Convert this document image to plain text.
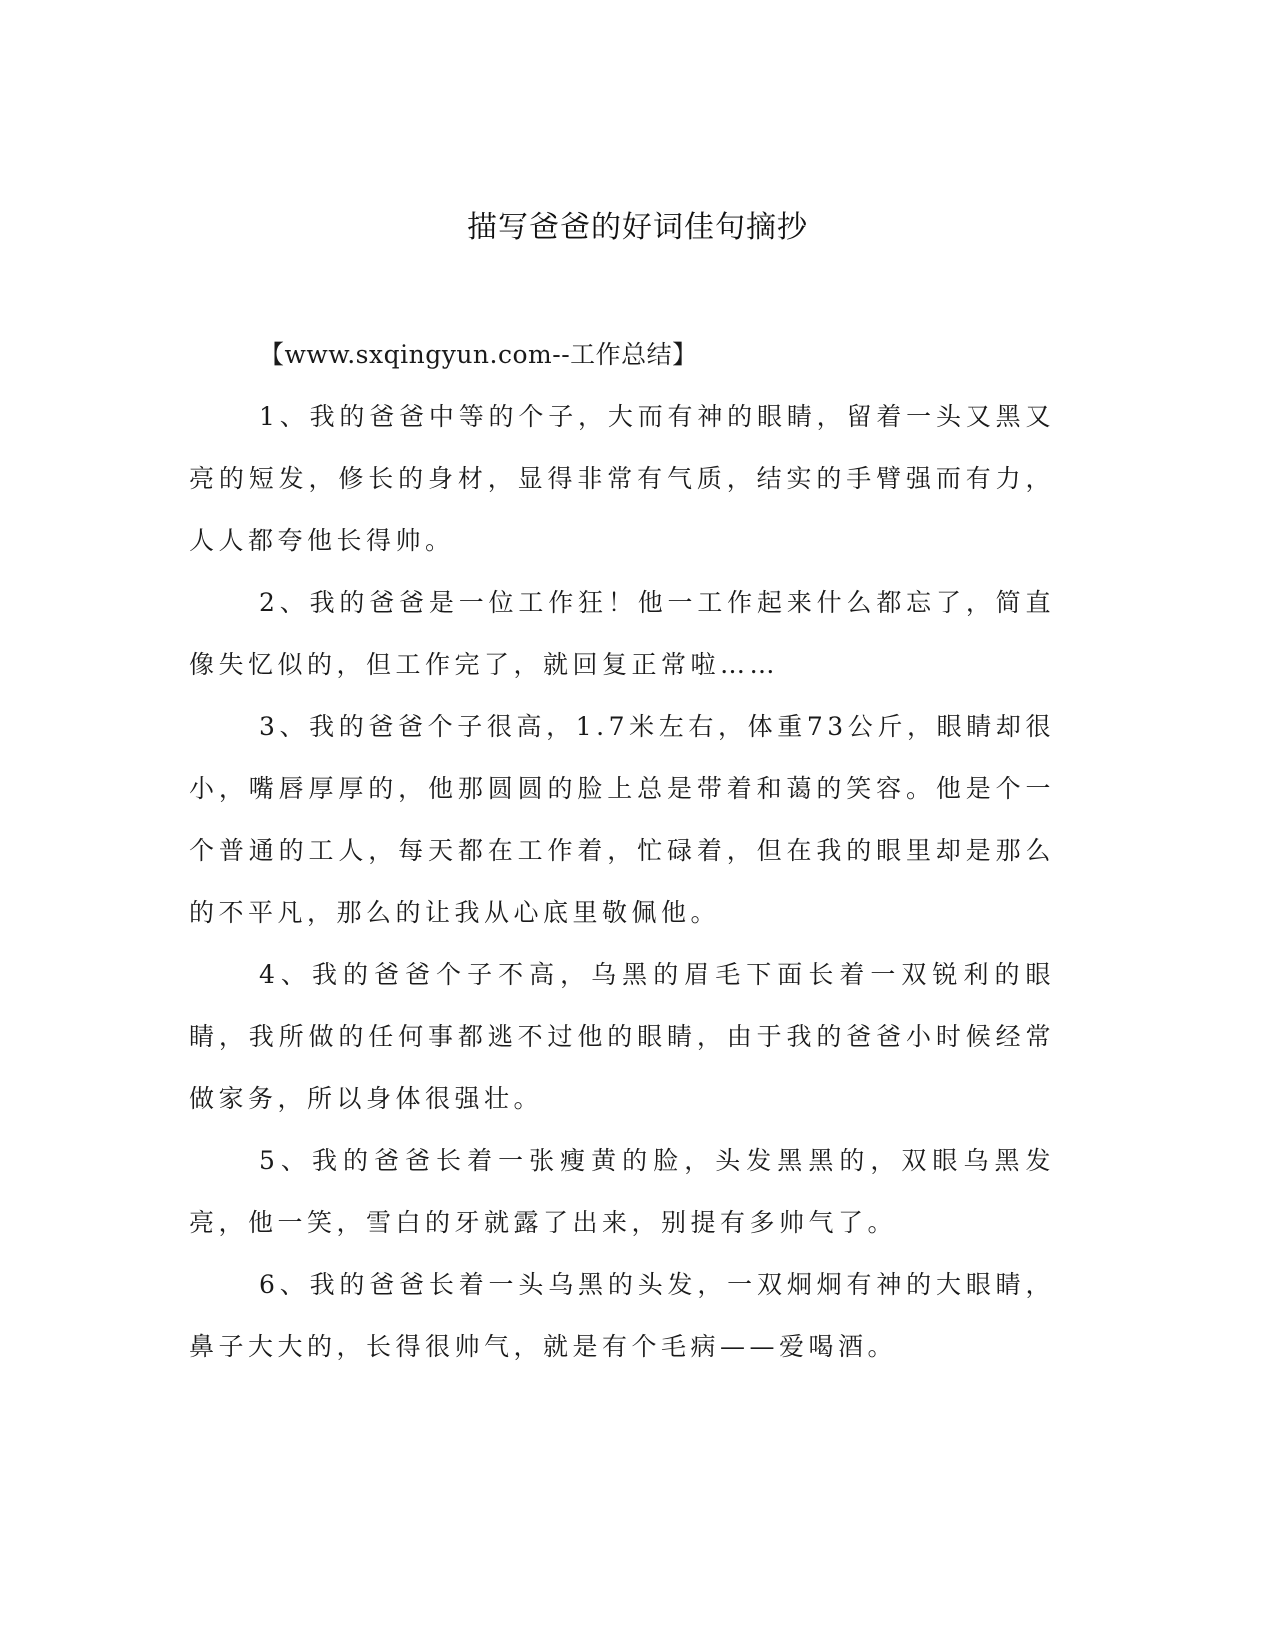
描写爸爸的好词佳句摘抄

【www.sxqingyun.com--工作总结】

1、我的爸爸中等的个子，大而有神的眼睛，留着一头又黑又亮的短发，修长的身材，显得非常有气质，结实的手臂强而有力，人人都夸他长得帅。

2、我的爸爸是一位工作狂！他一工作起来什么都忘了，简直像失忆似的，但工作完了，就回复正常啦……

3、我的爸爸个子很高，1.7米左右，体重73公斤，眼睛却很小，嘴唇厚厚的，他那圆圆的脸上总是带着和蔼的笑容。他是个一个普通的工人，每天都在工作着，忙碌着，但在我的眼里却是那么的不平凡，那么的让我从心底里敬佩他。

4、我的爸爸个子不高，乌黑的眉毛下面长着一双锐利的眼睛，我所做的任何事都逃不过他的眼睛，由于我的爸爸小时候经常做家务，所以身体很强壮。

5、我的爸爸长着一张瘦黄的脸，头发黑黑的，双眼乌黑发亮，他一笑，雪白的牙就露了出来，别提有多帅气了。

6、我的爸爸长着一头乌黑的头发，一双炯炯有神的大眼睛，鼻子大大的，长得很帅气，就是有个毛病——爱喝酒。
